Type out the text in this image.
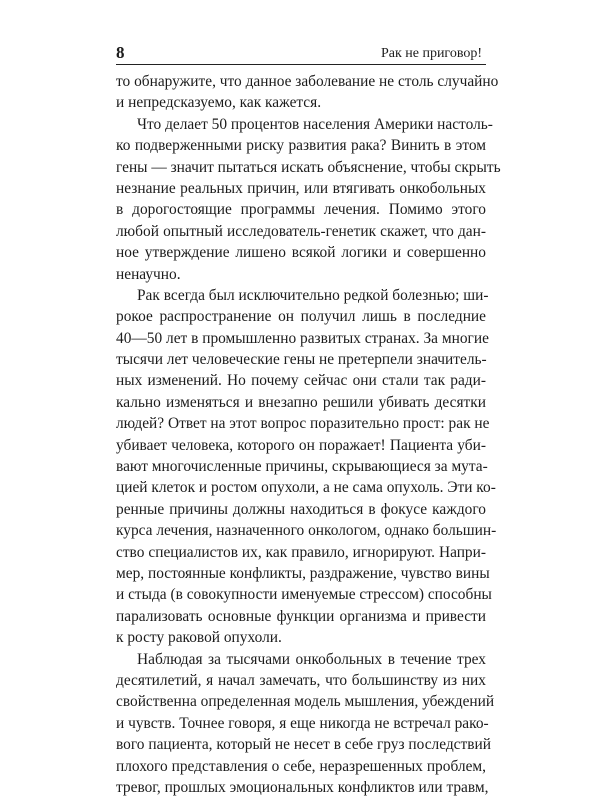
8	Рак не приговор!
то обнаружите, что данное заболевание не столь случайно
и непредсказуемо, как кажется.
Что делает 50 процентов населения Америки настоль-
ко подверженными риску развития рака? Винить в этом
гены — значит пытаться искать объяснение, чтобы скрыть
незнание реальных причин, или втягивать онкобольных
в дорогостоящие программы лечения. Помимо этого
любой опытный исследователь-генетик скажет, что дан-
ное утверждение лишено всякой логики и совершенно
ненаучно.
Рак всегда был исключительно редкой болезнью; ши-
рокое распространение он получил лишь в последние
40—50 лет в промышленно развитых странах. За многие
тысячи лет человеческие гены не претерпели значитель-
ных изменений. Но почему сейчас они стали так ради-
кально изменяться и внезапно решили убивать десятки
людей? Ответ на этот вопрос поразительно прост: рак не
убивает человека, которого он поражает! Пациента уби-
вают многочисленные причины, скрывающиеся за мута-
цией клеток и ростом опухоли, а не сама опухоль. Эти ко-
ренные причины должны находиться в фокусе каждого
курса лечения, назначенного онкологом, однако большин-
ство специалистов их, как правило, игнорируют. Напри-
мер, постоянные конфликты, раздражение, чувство вины
и стыда (в совокупности именуемые стрессом) способны
парализовать основные функции организма и привести
к росту раковой опухоли.
Наблюдая за тысячами онкобольных в течение трех
десятилетий, я начал замечать, что большинству из них
свойственна определенная модель мышления, убеждений
и чувств. Точнее говоря, я еще никогда не встречал рако-
вого пациента, который не несет в себе груз последствий
плохого представления о себе, неразрешенных проблем,
тревог, прошлых эмоциональных конфликтов или травм,
